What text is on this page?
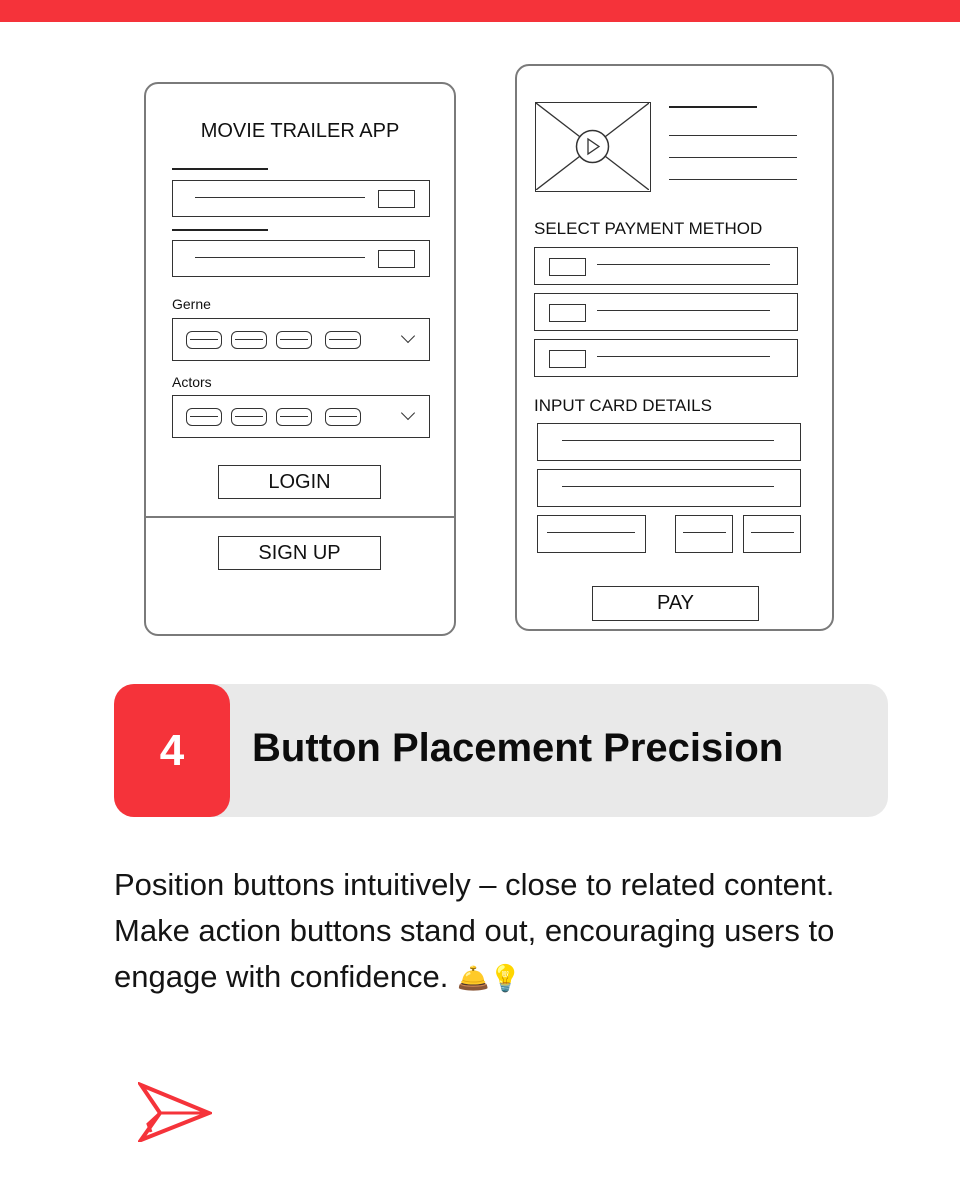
MOVIE TRAILER APP
Gerne
Actors
LOGIN
SIGN UP
SELECT PAYMENT METHOD
INPUT CARD DETAILS
PAY
4	Button Placement Precision
Position buttons intuitively – close to related content.
Make action buttons stand out, encouraging users to
engage with confidence. 🛎️💡
